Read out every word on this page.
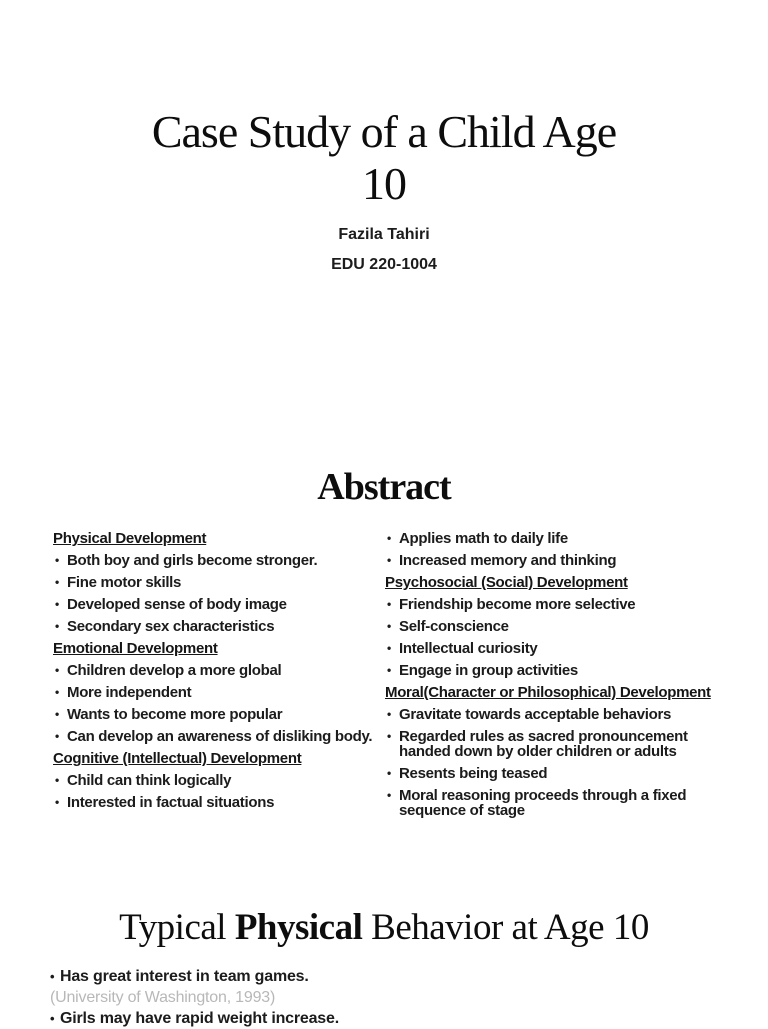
Case Study of a Child Age
10
Fazila Tahiri
EDU 220-1004
Abstract
Physical Development
• Both boy and girls become stronger.
• Fine motor skills
• Developed sense of body image
• Secondary sex characteristics
Emotional Development
• Children develop a more global
• More independent
• Wants to become more popular
• Can develop an awareness of disliking body.
Cognitive (Intellectual) Development
• Child can think logically
• Interested in factual situations
• Applies math to daily life
• Increased memory and thinking
Psychosocial (Social) Development
• Friendship become more selective
• Self-conscience
• Intellectual curiosity
• Engage in group activities
Moral(Character or Philosophical) Development
• Gravitate towards acceptable behaviors
• Regarded rules as sacred pronouncement handed down by older children or adults
• Resents being teased
• Moral reasoning proceeds through a fixed sequence of stage
Typical Physical Behavior at Age 10
• Has great interest in team games.
(University of Washington, 1993)
• Girls may have rapid weight increase.
